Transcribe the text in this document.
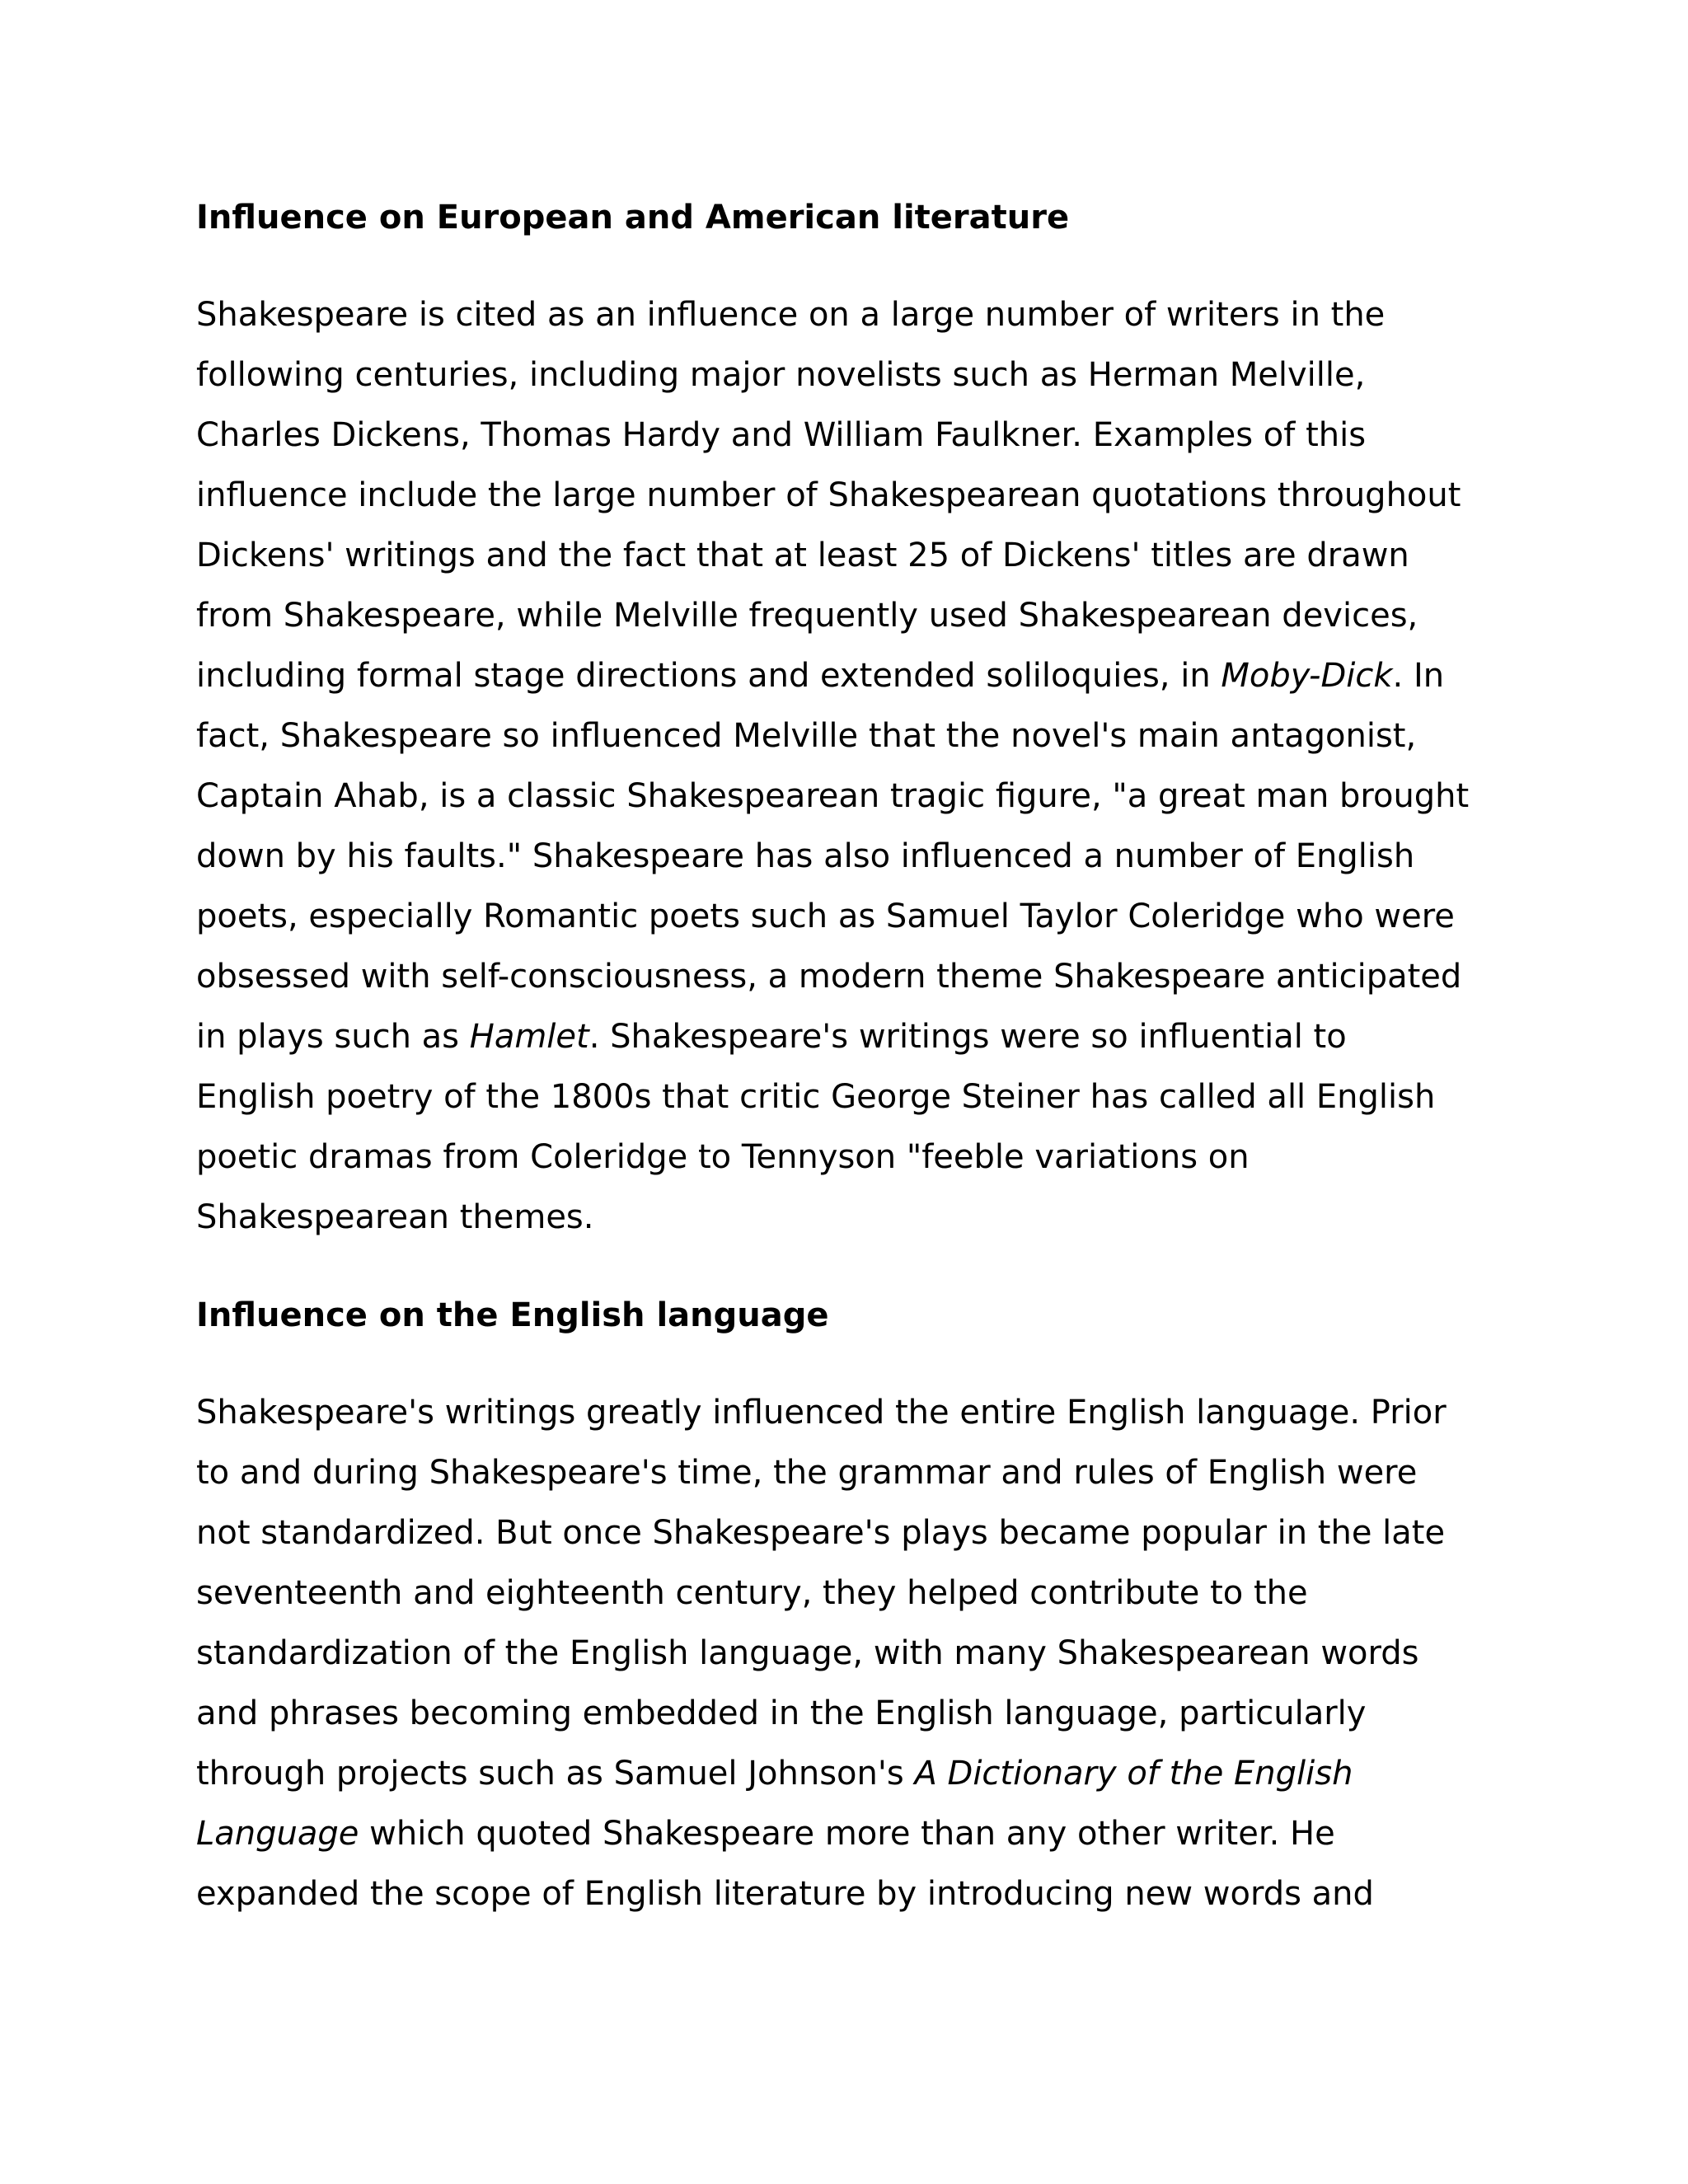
Influence on European and American literature

Shakespeare is cited as an influence on a large number of writers in the
following centuries, including major novelists such as Herman Melville,
Charles Dickens, Thomas Hardy and William Faulkner. Examples of this
influence include the large number of Shakespearean quotations throughout
Dickens' writings and the fact that at least 25 of Dickens' titles are drawn
from Shakespeare, while Melville frequently used Shakespearean devices,
including formal stage directions and extended soliloquies, in Moby-Dick. In
fact, Shakespeare so influenced Melville that the novel's main antagonist,
Captain Ahab, is a classic Shakespearean tragic figure, "a great man brought
down by his faults." Shakespeare has also influenced a number of English
poets, especially Romantic poets such as Samuel Taylor Coleridge who were
obsessed with self-consciousness, a modern theme Shakespeare anticipated
in plays such as Hamlet. Shakespeare's writings were so influential to
English poetry of the 1800s that critic George Steiner has called all English
poetic dramas from Coleridge to Tennyson "feeble variations on
Shakespearean themes.

Influence on the English language

Shakespeare's writings greatly influenced the entire English language. Prior
to and during Shakespeare's time, the grammar and rules of English were
not standardized. But once Shakespeare's plays became popular in the late
seventeenth and eighteenth century, they helped contribute to the
standardization of the English language, with many Shakespearean words
and phrases becoming embedded in the English language, particularly
through projects such as Samuel Johnson's A Dictionary of the English
Language which quoted Shakespeare more than any other writer. He
expanded the scope of English literature by introducing new words and
